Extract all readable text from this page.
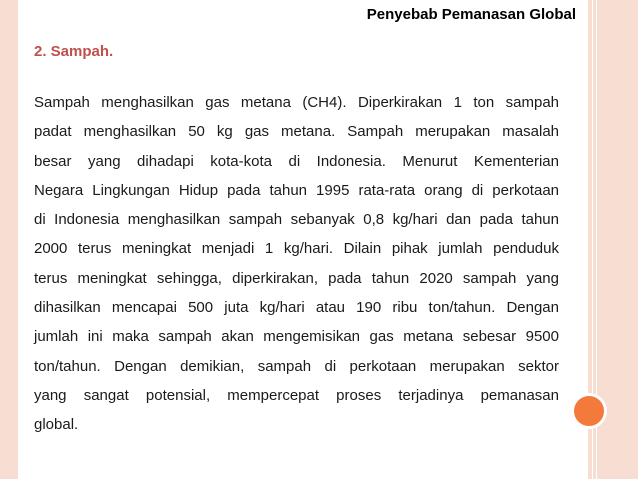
Penyebab Pemanasan Global
2. Sampah.
Sampah menghasilkan gas metana (CH4). Diperkirakan 1 ton sampah
padat menghasilkan 50 kg gas metana. Sampah merupakan masalah
besar yang dihadapi kota-kota di Indonesia. Menurut Kementerian
Negara Lingkungan Hidup pada tahun 1995 rata-rata orang di perkotaan
di Indonesia menghasilkan sampah sebanyak 0,8 kg/hari dan pada tahun
2000 terus meningkat menjadi 1 kg/hari. Dilain pihak jumlah penduduk
terus meningkat sehingga, diperkirakan, pada tahun 2020 sampah yang
dihasilkan mencapai 500 juta kg/hari atau 190 ribu ton/tahun. Dengan
jumlah ini maka sampah akan mengemisikan gas metana sebesar 9500
ton/tahun. Dengan demikian, sampah di perkotaan merupakan sektor
yang sangat potensial, mempercepat proses terjadinya pemanasan
global.
